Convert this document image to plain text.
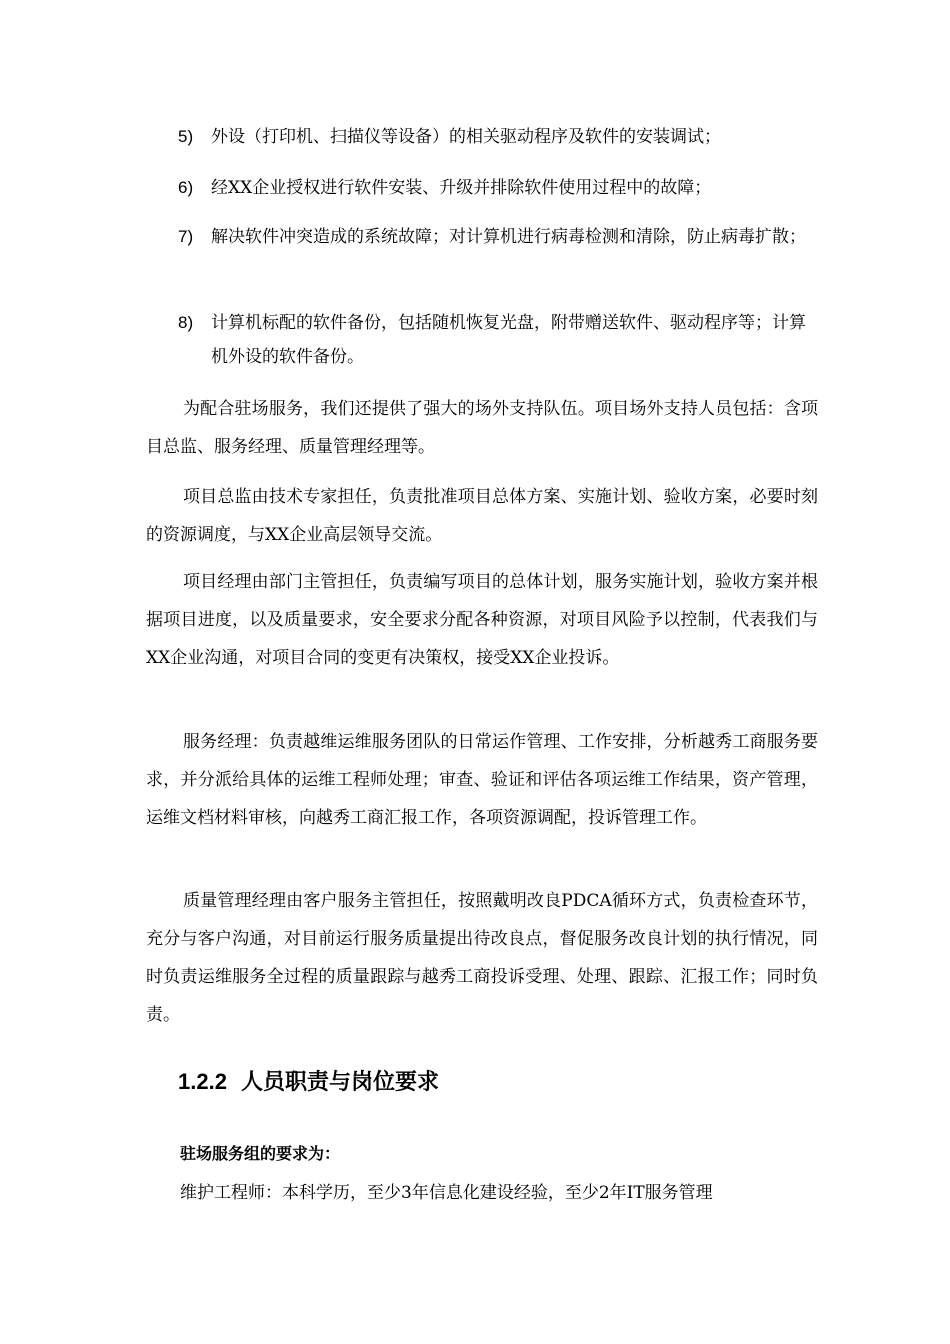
5) 外设（打印机、扫描仪等设备）的相关驱动程序及软件的安装调试；
6) 经XX企业授权进行软件安装、升级并排除软件使用过程中的故障；
7) 解决软件冲突造成的系统故障；对计算机进行病毒检测和清除，防止病毒扩散；
8) 计算机标配的软件备份，包括随机恢复光盘，附带赠送软件、驱动程序等；计算机外设的软件备份。
为配合驻场服务，我们还提供了强大的场外支持队伍。项目场外支持人员包括：含项目总监、服务经理、质量管理经理等。
项目总监由技术专家担任，负责批准项目总体方案、实施计划、验收方案，必要时刻的资源调度，与XX企业高层领导交流。
项目经理由部门主管担任，负责编写项目的总体计划，服务实施计划，验收方案并根据项目进度，以及质量要求，安全要求分配各种资源，对项目风险予以控制，代表我们与XX企业沟通，对项目合同的变更有决策权，接受XX企业投诉。
服务经理：负责越维运维服务团队的日常运作管理、工作安排，分析越秀工商服务要求，并分派给具体的运维工程师处理；审查、验证和评估各项运维工作结果，资产管理，运维文档材料审核，向越秀工商汇报工作，各项资源调配，投诉管理工作。
质量管理经理由客户服务主管担任，按照戴明改良PDCA循环方式，负责检查环节，充分与客户沟通，对目前运行服务质量提出待改良点，督促服务改良计划的执行情况，同时负责运维服务全过程的质量跟踪与越秀工商投诉受理、处理、跟踪、汇报工作；同时负责。
1.2.2 人员职责与岗位要求
驻场服务组的要求为：
维护工程师：本科学历，至少3年信息化建设经验，至少2年IT服务管理
